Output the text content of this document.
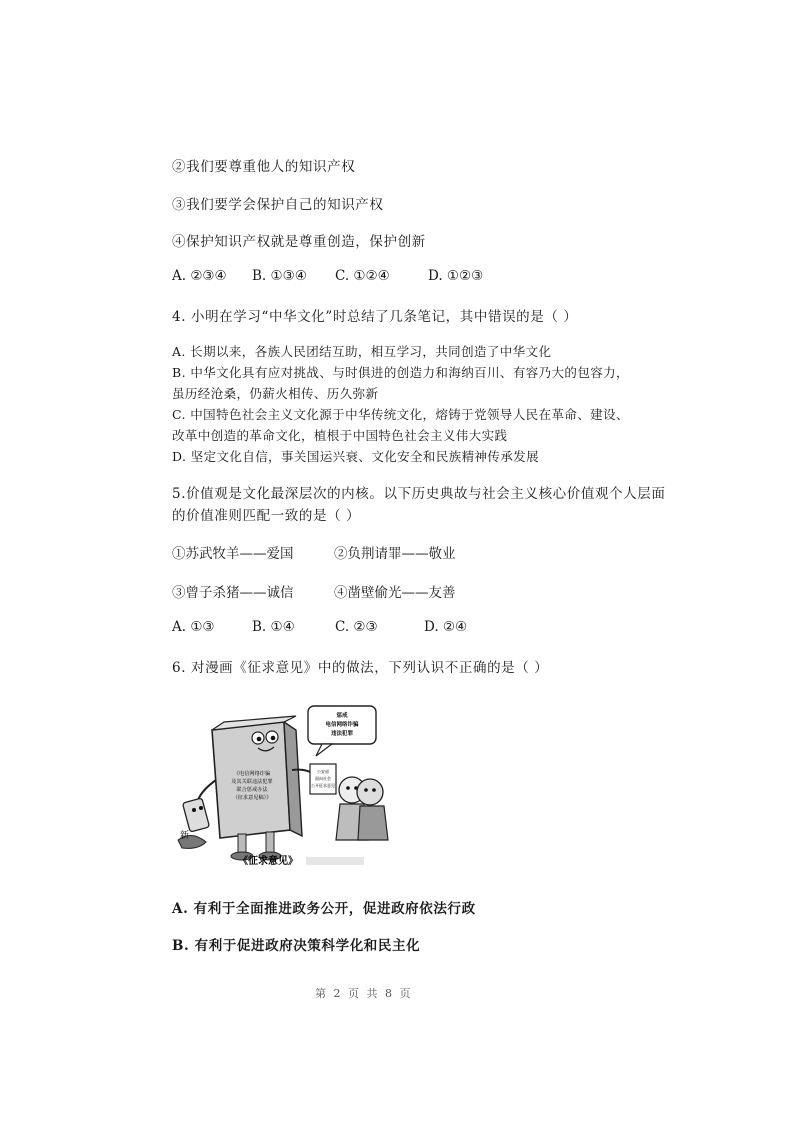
②我们要尊重他人的知识产权
③我们要学会保护自己的知识产权
④保护知识产权就是尊重创造，保护创新
A. ②③④ B. ①③④ C. ①②④	D. ①②③
4. 小明在学习“中华文化”时总结了几条笔记，其中错误的是（ ）
A. 长期以来，各族人民团结互助，相互学习，共同创造了中华文化
B. 中华文化具有应对挑战、与时俱进的创造力和海纳百川、有容乃大的包容力，
虽历经沧桑，仍薪火相传、历久弥新
C. 中国特色社会主义文化源于中华传统文化，熔铸于党领导人民在革命、建设、
改革中创造的革命文化，植根于中国特色社会主义伟大实践
D. 坚定文化自信，事关国运兴衰、文化安全和民族精神传承发展
5.价值观是文化最深层次的内核。以下历史典故与社会主义核心价值观个人层面
的价值准则匹配一致的是（ ）
①苏武牧羊——爱国	②负荆请罪——敬业
③曾子杀猪——诚信	④凿壁偷光——友善
A. ①③	B. ①④	C. ②③	D. ②④
6. 对漫画《征求意见》中的做法，下列认识不正确的是（ ）
《电信网络诈骗
及其关联违法犯罪
联合惩戒办法
（征求意见稿）》
惩戒
电信网络诈骗
违法犯罪
公安部
面向社会
公开征求意见
新
《征求意见》
A. 有利于全面推进政务公开，促进政府依法行政
B. 有利于促进政府决策科学化和民主化
第 2 页 共 8 页
